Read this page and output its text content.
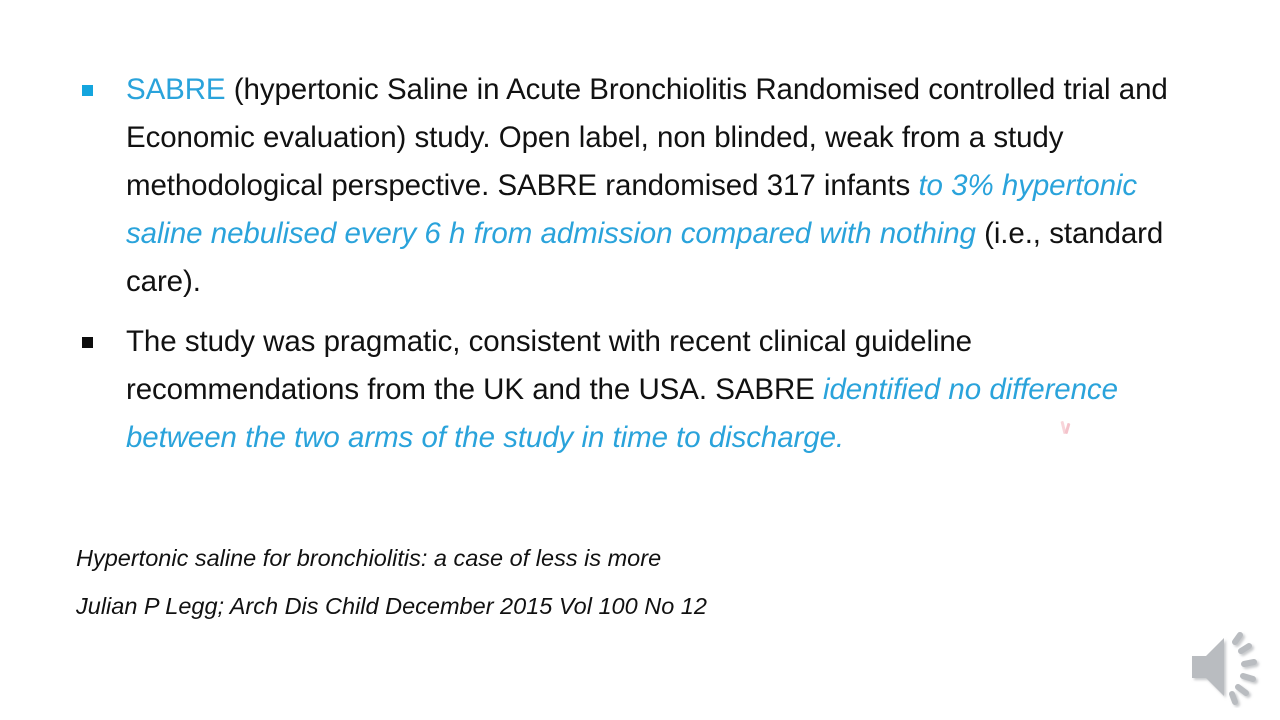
SABRE (hypertonic Saline in Acute Bronchiolitis Randomised controlled trial and Economic evaluation) study. Open label, non blinded, weak from a study methodological perspective. SABRE randomised 317 infants to 3% hypertonic saline nebulised every 6 h from admission compared with nothing (i.e., standard care).
The study was pragmatic, consistent with recent clinical guideline recommendations from the UK and the USA. SABRE identified no difference between the two arms of the study in time to discharge.
Hypertonic saline for bronchiolitis: a case of less is more
Julian P Legg; Arch Dis Child December 2015 Vol 100 No 12
